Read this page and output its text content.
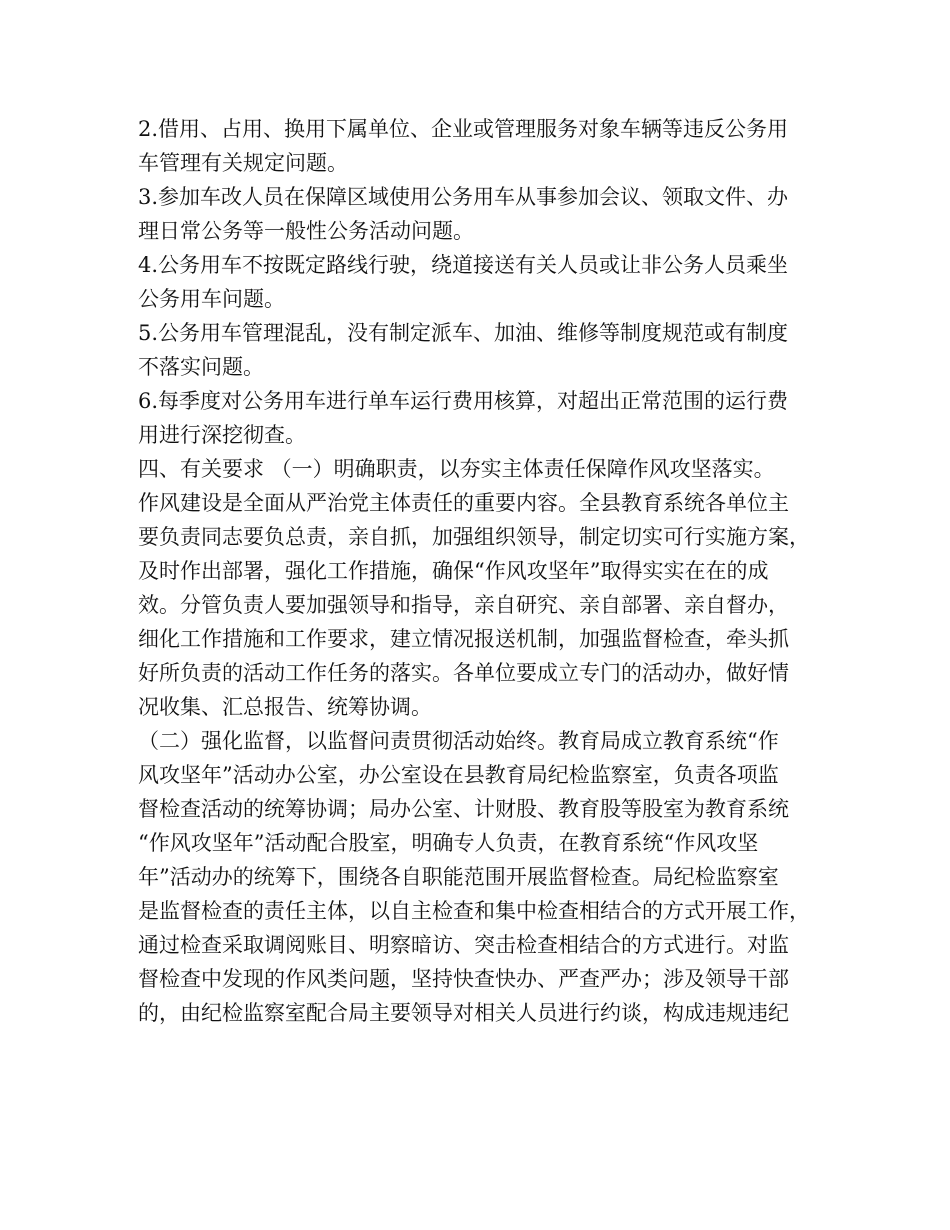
2.借用、占用、换用下属单位、企业或管理服务对象车辆等违反公务用
车管理有关规定问题。

3.参加车改人员在保障区域使用公务用车从事参加会议、领取文件、办
理日常公务等一般性公务活动问题。

4.公务用车不按既定路线行驶，绕道接送有关人员或让非公务人员乘坐
公务用车问题。

5.公务用车管理混乱，没有制定派车、加油、维修等制度规范或有制度
不落实问题。

6.每季度对公务用车进行单车运行费用核算，对超出正常范围的运行费
用进行深挖彻查。

四、有关要求 （一）明确职责，以夯实主体责任保障作风攻坚落实。
作风建设是全面从严治党主体责任的重要内容。全县教育系统各单位主
要负责同志要负总责，亲自抓，加强组织领导，制定切实可行实施方案，
及时作出部署，强化工作措施，确保“作风攻坚年”取得实实在在的成
效。分管负责人要加强领导和指导，亲自研究、亲自部署、亲自督办，
细化工作措施和工作要求，建立情况报送机制，加强监督检查，牵头抓
好所负责的活动工作任务的落实。各单位要成立专门的活动办，做好情
况收集、汇总报告、统筹协调。

（二）强化监督，以监督问责贯彻活动始终。教育局成立教育系统“作
风攻坚年”活动办公室，办公室设在县教育局纪检监察室，负责各项监
督检查活动的统筹协调；局办公室、计财股、教育股等股室为教育系统
“作风攻坚年”活动配合股室，明确专人负责，在教育系统“作风攻坚
年”活动办的统筹下，围绕各自职能范围开展监督检查。局纪检监察室
是监督检查的责任主体，以自主检查和集中检查相结合的方式开展工作，
通过检查采取调阅账目、明察暗访、突击检查相结合的方式进行。对监
督检查中发现的作风类问题，坚持快查快办、严查严办；涉及领导干部
的，由纪检监察室配合局主要领导对相关人员进行约谈，构成违规违纪
